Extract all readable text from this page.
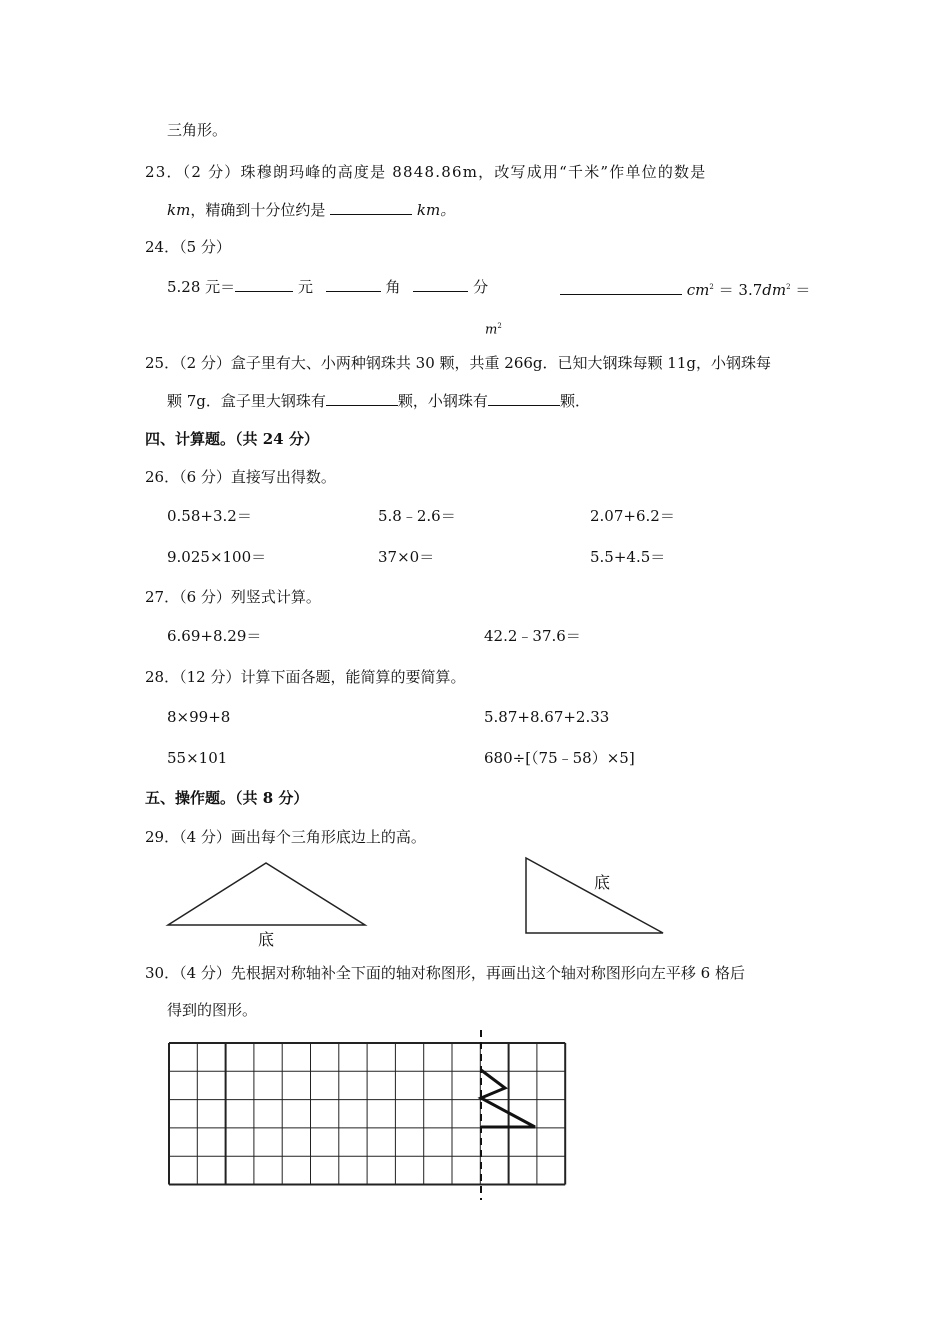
三角形。
23．（2 分）珠穆朗玛峰的高度是 8848.86m，改写成用“千米”作单位的数是
km，精确到十分位约是	km。
24．（5 分）
5.28 元＝	元	角	分	$cm^2 = 3.7dm^2$ ＝
$m^2$
25．（2 分）盒子里有大、小两种钢珠共 30 颗，共重 266g．已知大钢珠每颗 11g，小钢珠每
颗 7g．盒子里大钢珠有	颗，小钢珠有	颗．
四、计算题。（共 24 分）
26．（6 分）直接写出得数。
0.58+3.2＝	5.8﹣2.6＝	2.07+6.2＝
9.025×100＝	37×0＝	5.5+4.5＝
27．（6 分）列竖式计算。
6.69+8.29＝	42.2﹣37.6＝
28．（12 分）计算下面各题，能简算的要简算。
8×99+8	5.87+8.67+2.33
55×101	680÷[（75﹣58）×5]
五、操作题。（共 8 分）
29．（4 分）画出每个三角形底边上的高。
底
底
30．（4 分）先根据对称轴补全下面的轴对称图形，再画出这个轴对称图形向左平移 6 格后
得到的图形。
